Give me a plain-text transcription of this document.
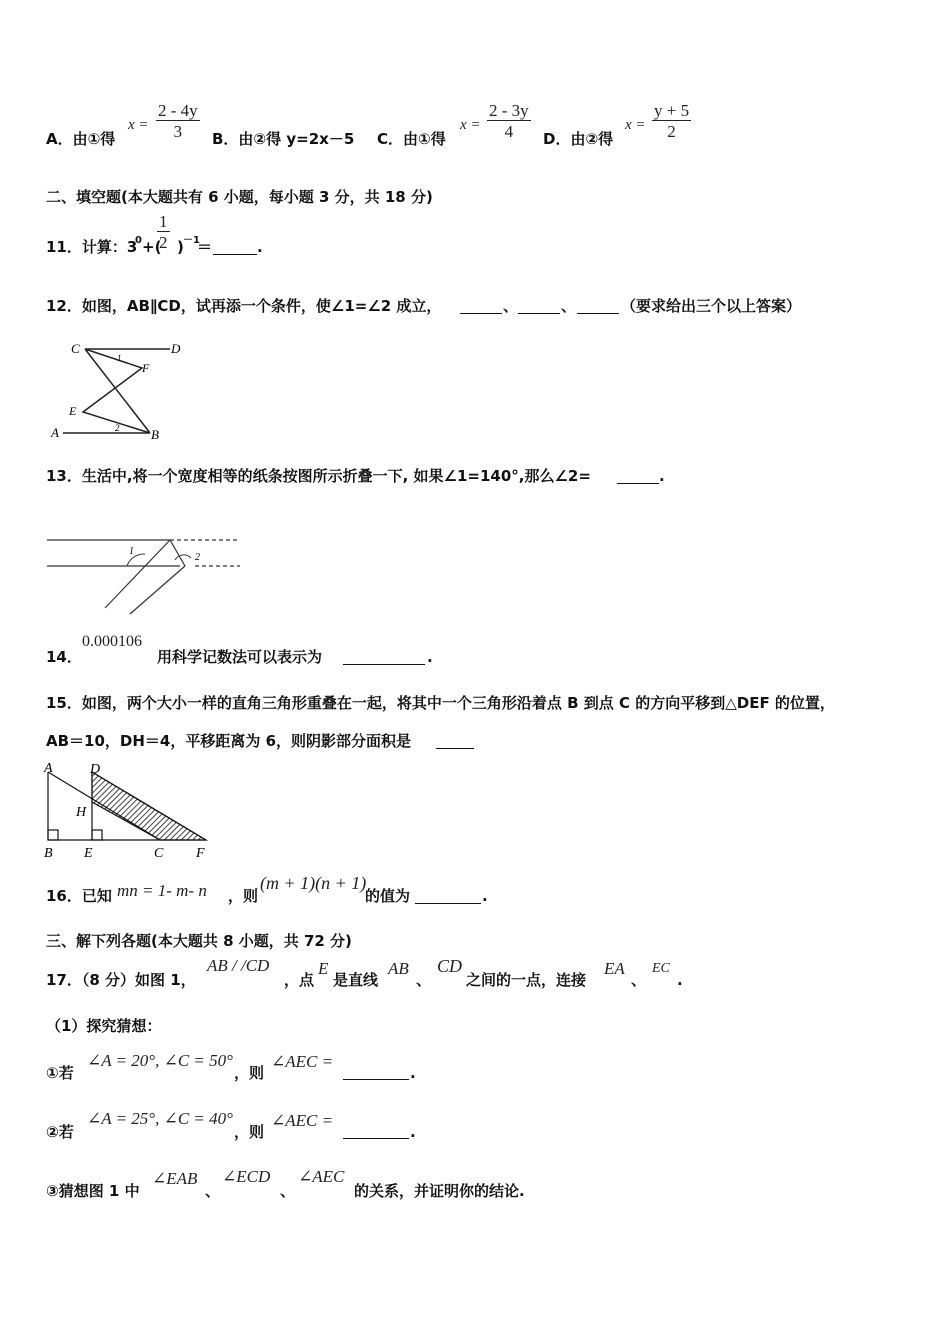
A．由①得
$x = \frac{2 - 4y}{3}$ B．由②得 y=2x－5 C．由①得
$x = \frac{2 - 3y}{4}$ D．由②得
$x = \frac{y + 5}{2}$
二、填空题(本大题共有 6 小题，每小题 3 分，共 18 分)
11．计算：3
0 +(
$\frac{1}{2}$ ) －1
＝	.
12．如图，AB∥CD，试再添一个条件，使∠1=∠2 成立，	、	、	（要求给出三个以上答案）
C	D
F
E
A	B
1
2
13．生活中,将一个宽度相等的纸条按图所示折叠一下, 如果∠1=140°,那么∠2=	.
1
2
14．
0.000106
用科学记数法可以表示为	.
15．如图，两个大小一样的直角三角形重叠在一起，将其中一个三角形沿着点 B 到点 C 的方向平移到△DEF 的位置，
AB＝10，DH＝4，平移距离为 6，则阴影部分面积是
A	D
H
B E	C F
16．已知 mn = 1- m- n ，则
(m + 1)(n + 1)
的值为	.
三、解下列各题(本大题共 8 小题，共 72 分)
17．（8 分）如图 1，
AB / /CD
，点
E
是直线
AB
、
CD
之间的一点，连接
EA
、
EC
.
（1）探究猜想：
①若
∠A = 20°, ∠C = 50°
，则
∠AEC =
.
②若
∠A = 25°, ∠C = 40°
，则
∠AEC =
.
③猜想图 1 中
∠EAB
、
∠ECD
、
∠AEC
的关系，并证明你的结论.
